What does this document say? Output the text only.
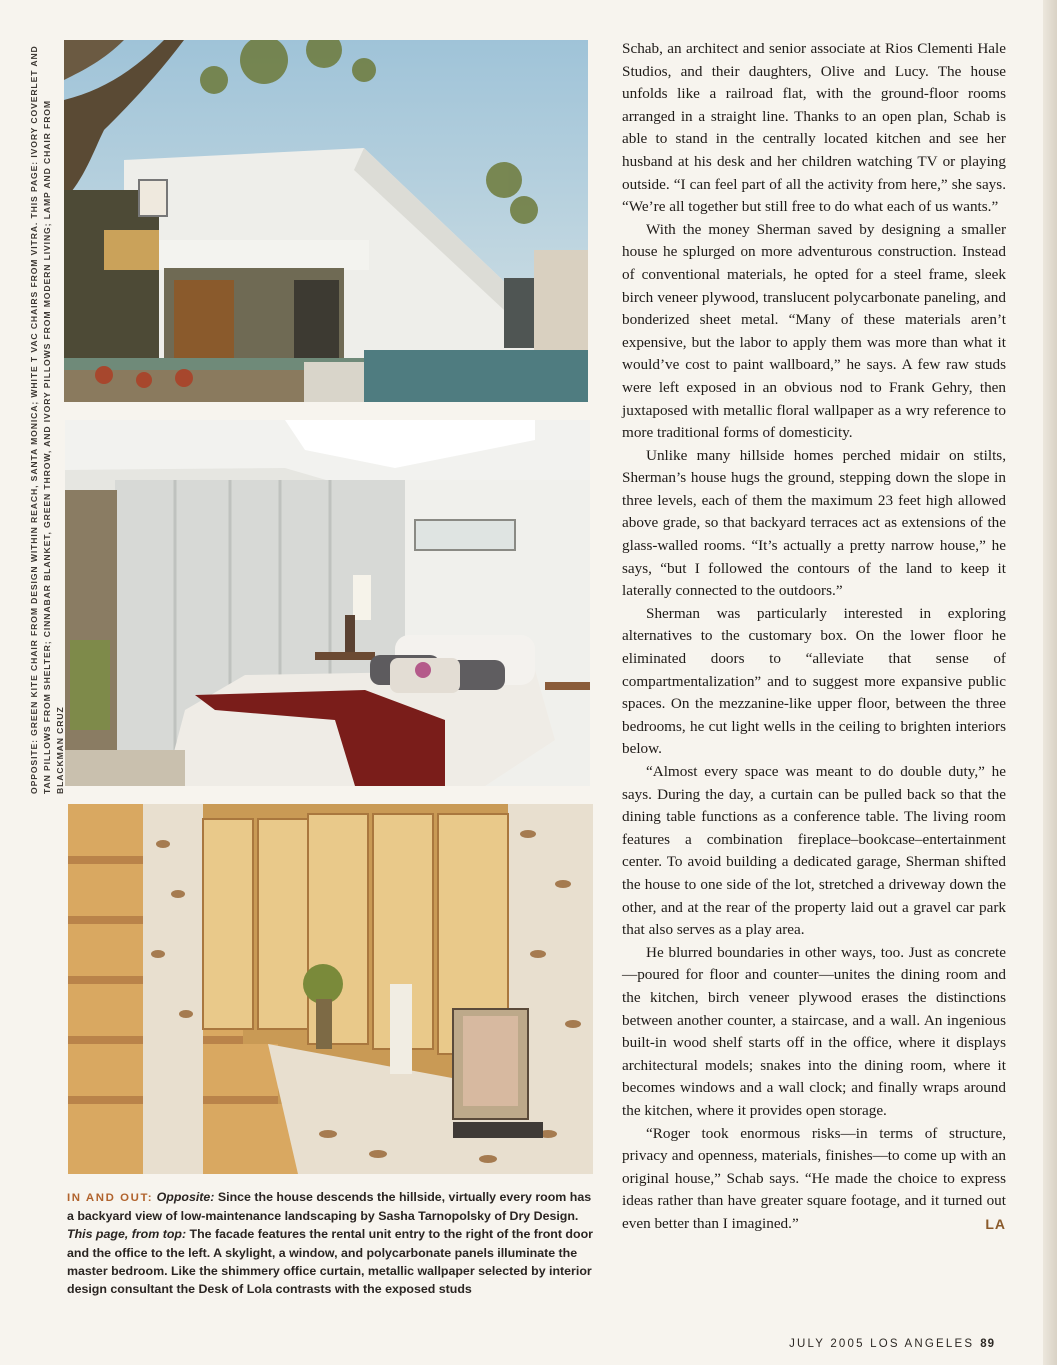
OPPOSITE: GREEN KITE CHAIR FROM DESIGN WITHIN REACH, SANTA MONICA; WHITE T VAC CHAIRS FROM VITRA. THIS PAGE: IVORY COVERLET AND TAN PILLOWS FROM SHELTER; CINNABAR BLANKET, GREEN THROW, AND IVORY PILLOWS FROM MODERN LIVING; LAMP AND CHAIR FROM BLACKMAN CRUZ
IN AND OUT: Opposite: Since the house descends the hillside, virtually every room has a backyard view of low-maintenance landscaping by Sasha Tarnopolsky of Dry Design. This page, from top: The facade features the rental unit entry to the right of the front door and the office to the left. A skylight, a window, and polycarbonate panels illuminate the master bedroom. Like the shimmery office curtain, metallic wallpaper selected by interior design consultant the Desk of Lola contrasts with the exposed studs

Schab, an architect and senior associate at Rios Clementi Hale Studios, and their daughters, Olive and Lucy. The house unfolds like a railroad flat, with the ground-floor rooms arranged in a straight line. Thanks to an open plan, Schab is able to stand in the centrally located kitchen and see her husband at his desk and her children watching TV or playing outside. “I can feel part of all the activity from here,” she says. “We’re all together but still free to do what each of us wants.”

With the money Sherman saved by designing a smaller house he splurged on more adventurous construction. Instead of conventional materials, he opted for a steel frame, sleek birch veneer plywood, translucent polycarbonate paneling, and bonderized sheet metal. “Many of these materials aren’t expensive, but the labor to apply them was more than what it would’ve cost to paint wallboard,” he says. A few raw studs were left exposed in an obvious nod to Frank Gehry, then juxtaposed with metallic floral wallpaper as a wry reference to more traditional forms of domesticity.

Unlike many hillside homes perched midair on stilts, Sherman’s house hugs the ground, stepping down the slope in three levels, each of them the maximum 23 feet high allowed above grade, so that backyard terraces act as extensions of the glass-walled rooms. “It’s actually a pretty narrow house,” he says, “but I followed the contours of the land to keep it laterally connected to the outdoors.”

Sherman was particularly interested in exploring alternatives to the customary box. On the lower floor he eliminated doors to “alleviate that sense of compartmentalization” and to suggest more expansive public spaces. On the mezzanine-like upper floor, between the three bedrooms, he cut light wells in the ceiling to brighten interiors below.

“Almost every space was meant to do double duty,” he says. During the day, a curtain can be pulled back so that the dining table functions as a conference table. The living room features a combination fireplace–bookcase–entertainment center. To avoid building a dedicated garage, Sherman shifted the house to one side of the lot, stretched a driveway down the other, and at the rear of the property laid out a gravel car park that also serves as a play area.

He blurred boundaries in other ways, too. Just as concrete—poured for floor and counter—unites the dining room and the kitchen, birch veneer plywood erases the distinctions between another counter, a staircase, and a wall. An ingenious built-in wood shelf starts off in the office, where it displays architectural models; snakes into the dining room, where it becomes windows and a wall clock; and finally wraps around the kitchen, where it provides open storage.

“Roger took enormous risks—in terms of structure, privacy and openness, materials, finishes—to come up with an original house,” Schab says. “He made the choice to express ideas rather than have greater square footage, and it turned out even better than I imagined.”	LA

JULY 2005 LOS ANGELES 89
